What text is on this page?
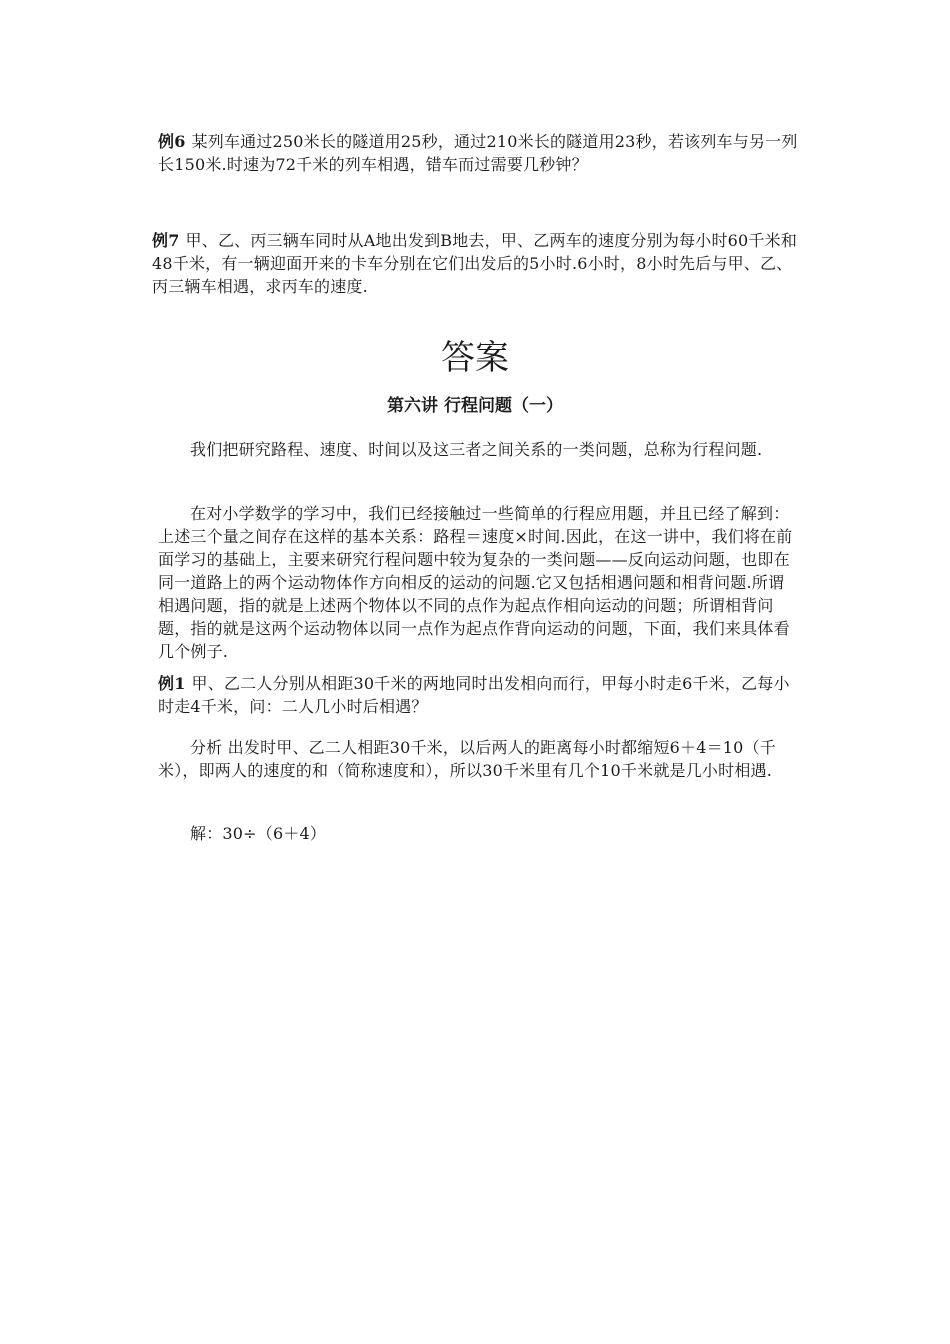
例6 某列车通过250米长的隧道用25秒，通过210米长的隧道用23秒，若该列车与另一列长150米.时速为72千米的列车相遇，错车而过需要几秒钟？

例7 甲、乙、丙三辆车同时从A地出发到B地去，甲、乙两车的速度分别为每小时60千米和48千米，有一辆迎面开来的卡车分别在它们出发后的5小时.6小时，8小时先后与甲、乙、丙三辆车相遇，求丙车的速度.

答案
第六讲 行程问题（一）

我们把研究路程、速度、时间以及这三者之间关系的一类问题，总称为行程问题.

在对小学数学的学习中，我们已经接触过一些简单的行程应用题，并且已经了解到：上述三个量之间存在这样的基本关系：路程＝速度×时间.因此，在这一讲中，我们将在前面学习的基础上，主要来研究行程问题中较为复杂的一类问题——反向运动问题，也即在同一道路上的两个运动物体作方向相反的运动的问题.它又包括相遇问题和相背问题.所谓相遇问题，指的就是上述两个物体以不同的点作为起点作相向运动的问题；所谓相背问题，指的就是这两个运动物体以同一点作为起点作背向运动的问题，下面，我们来具体看几个例子.

例1 甲、乙二人分别从相距30千米的两地同时出发相向而行，甲每小时走6千米，乙每小时走4千米，问：二人几小时后相遇？

分析 出发时甲、乙二人相距30千米，以后两人的距离每小时都缩短6＋4＝10（千米），即两人的速度的和（简称速度和），所以30千米里有几个10千米就是几小时相遇.

解：30÷（6＋4）
